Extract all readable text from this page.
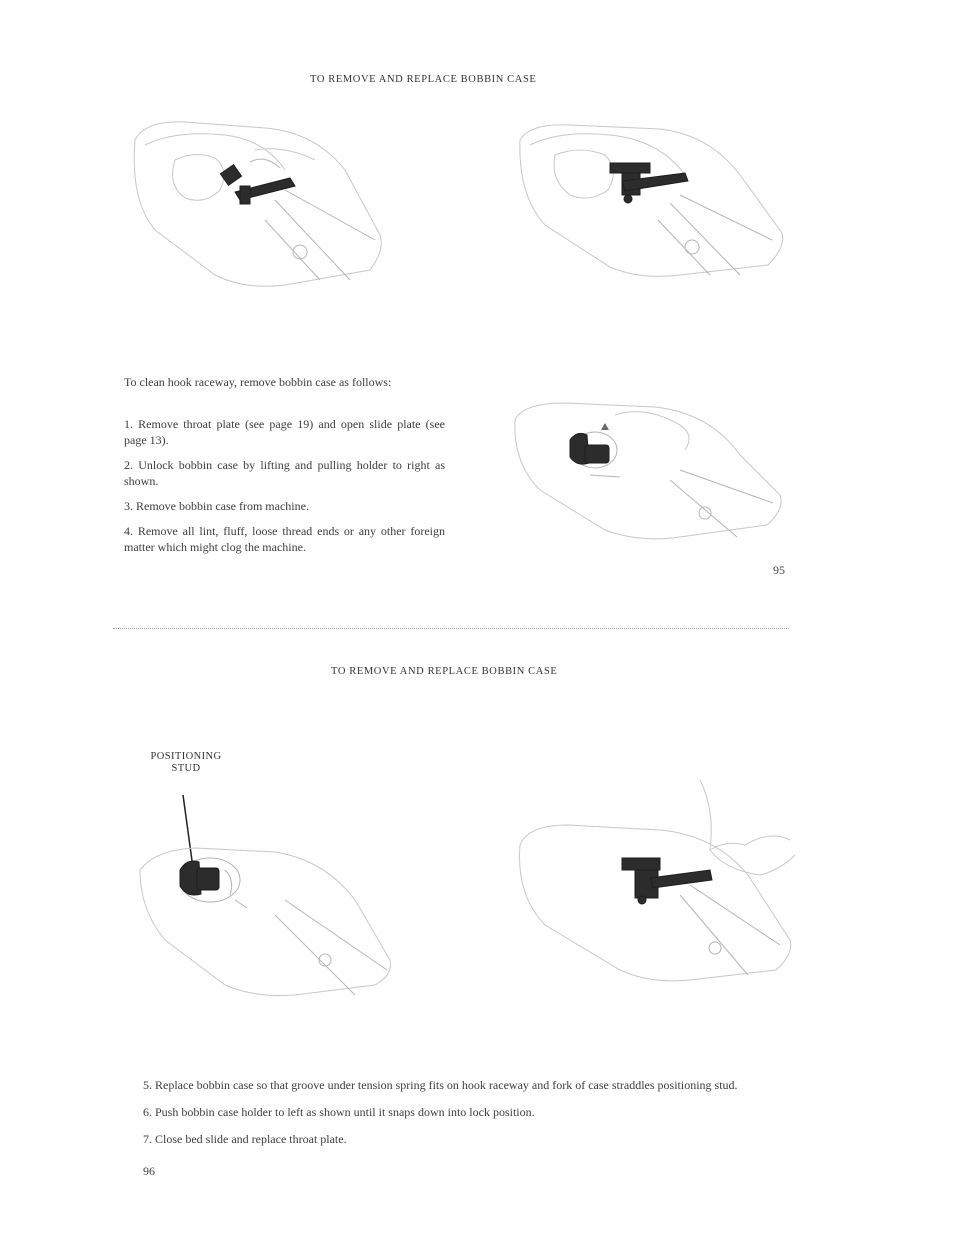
TO REMOVE AND REPLACE BOBBIN CASE

To clean hook raceway, remove bobbin case as follows:

1. Remove throat plate (see page 19) and open slide plate (see page 13).

2. Unlock bobbin case by lifting and pulling holder to right as shown.

3. Remove bobbin case from machine.

4. Remove all lint, fluff, loose thread ends or any other foreign matter which might clog the machine.

95
TO REMOVE AND REPLACE BOBBIN CASE
POSITIONING
STUD

5. Replace bobbin case so that groove under tension spring fits on hook raceway and fork of case straddles positioning stud.

6. Push bobbin case holder to left as shown until it snaps down into lock position.

7. Close bed slide and replace throat plate.

96
